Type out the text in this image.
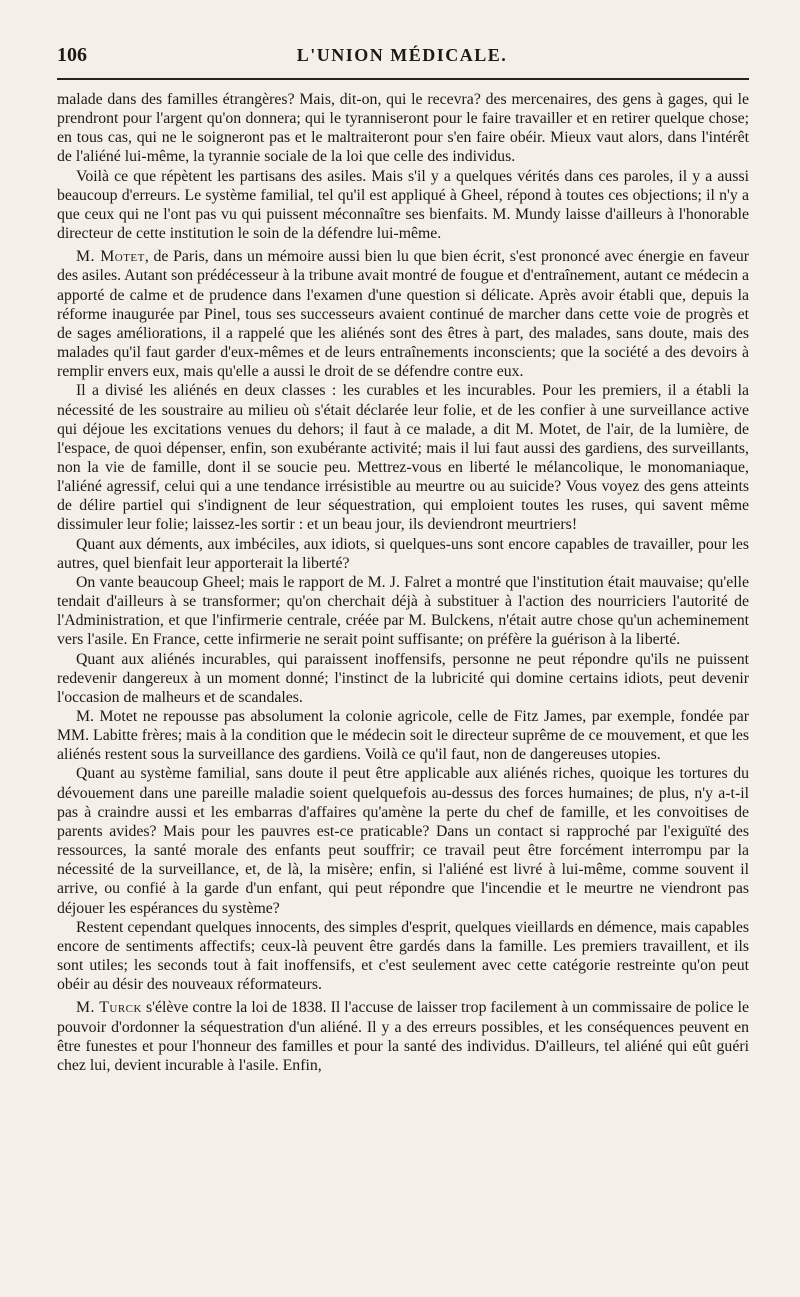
106	L'UNION MÉDICALE.

malade dans des familles étrangères? Mais, dit-on, qui le recevra? des mercenaires, des gens à gages, qui le prendront pour l'argent qu'on donnera; qui le tyranniseront pour le faire travailler et en retirer quelque chose; en tous cas, qui ne le soigneront pas et le maltraiteront pour s'en faire obéir. Mieux vaut alors, dans l'intérêt de l'aliéné lui-même, la tyrannie sociale de la loi que celle des individus.

Voilà ce que répètent les partisans des asiles. Mais s'il y a quelques vérités dans ces paroles, il y a aussi beaucoup d'erreurs. Le système familial, tel qu'il est appliqué à Gheel, répond à toutes ces objections; il n'y a que ceux qui ne l'ont pas vu qui puissent méconnaître ses bienfaits. M. Mundy laisse d'ailleurs à l'honorable directeur de cette institution le soin de la défendre lui-même.

M. Motet, de Paris, dans un mémoire aussi bien lu que bien écrit, s'est prononcé avec énergie en faveur des asiles. Autant son prédécesseur à la tribune avait montré de fougue et d'entraînement, autant ce médecin a apporté de calme et de prudence dans l'examen d'une question si délicate. Après avoir établi que, depuis la réforme inaugurée par Pinel, tous ses successeurs avaient continué de marcher dans cette voie de progrès et de sages améliorations, il a rappelé que les aliénés sont des êtres à part, des malades, sans doute, mais des malades qu'il faut garder d'eux-mêmes et de leurs entraînements inconscients; que la société a des devoirs à remplir envers eux, mais qu'elle a aussi le droit de se défendre contre eux.

Il a divisé les aliénés en deux classes : les curables et les incurables. Pour les premiers, il a établi la nécessité de les soustraire au milieu où s'était déclarée leur folie, et de les confier à une surveillance active qui déjoue les excitations venues du dehors; il faut à ce malade, a dit M. Motet, de l'air, de la lumière, de l'espace, de quoi dépenser, enfin, son exubérante activité; mais il lui faut aussi des gardiens, des surveillants, non la vie de famille, dont il se soucie peu. Mettrez-vous en liberté le mélancolique, le monomaniaque, l'aliéné agressif, celui qui a une tendance irrésistible au meurtre ou au suicide? Vous voyez des gens atteints de délire partiel qui s'indignent de leur séquestration, qui emploient toutes les ruses, qui savent même dissimuler leur folie; laissez-les sortir : et un beau jour, ils deviendront meurtriers!

Quant aux déments, aux imbéciles, aux idiots, si quelques-uns sont encore capables de travailler, pour les autres, quel bienfait leur apporterait la liberté?

On vante beaucoup Gheel; mais le rapport de M. J. Falret a montré que l'institution était mauvaise; qu'elle tendait d'ailleurs à se transformer; qu'on cherchait déjà à substituer à l'action des nourriciers l'autorité de l'Administration, et que l'infirmerie centrale, créée par M. Bulckens, n'était autre chose qu'un acheminement vers l'asile. En France, cette infirmerie ne serait point suffisante; on préfère la guérison à la liberté.

Quant aux aliénés incurables, qui paraissent inoffensifs, personne ne peut répondre qu'ils ne puissent redevenir dangereux à un moment donné; l'instinct de la lubricité qui domine certains idiots, peut devenir l'occasion de malheurs et de scandales.

M. Motet ne repousse pas absolument la colonie agricole, celle de Fitz James, par exemple, fondée par MM. Labitte frères; mais à la condition que le médecin soit le directeur suprême de ce mouvement, et que les aliénés restent sous la surveillance des gardiens. Voilà ce qu'il faut, non de dangereuses utopies.

Quant au système familial, sans doute il peut être applicable aux aliénés riches, quoique les tortures du dévouement dans une pareille maladie soient quelquefois au-dessus des forces humaines; de plus, n'y a-t-il pas à craindre aussi et les embarras d'affaires qu'amène la perte du chef de famille, et les convoitises de parents avides? Mais pour les pauvres est-ce praticable? Dans un contact si rapproché par l'exiguïté des ressources, la santé morale des enfants peut souffrir; ce travail peut être forcément interrompu par la nécessité de la surveillance, et, de là, la misère; enfin, si l'aliéné est livré à lui-même, comme souvent il arrive, ou confié à la garde d'un enfant, qui peut répondre que l'incendie et le meurtre ne viendront pas déjouer les espérances du système?

Restent cependant quelques innocents, des simples d'esprit, quelques vieillards en démence, mais capables encore de sentiments affectifs; ceux-là peuvent être gardés dans la famille. Les premiers travaillent, et ils sont utiles; les seconds tout à fait inoffensifs, et c'est seulement avec cette catégorie restreinte qu'on peut obéir au désir des nouveaux réformateurs.

M. Turck s'élève contre la loi de 1838. Il l'accuse de laisser trop facilement à un commissaire de police le pouvoir d'ordonner la séquestration d'un aliéné. Il y a des erreurs possibles, et les conséquences peuvent en être funestes et pour l'honneur des familles et pour la santé des individus. D'ailleurs, tel aliéné qui eût guéri chez lui, devient incurable à l'asile. Enfin,
